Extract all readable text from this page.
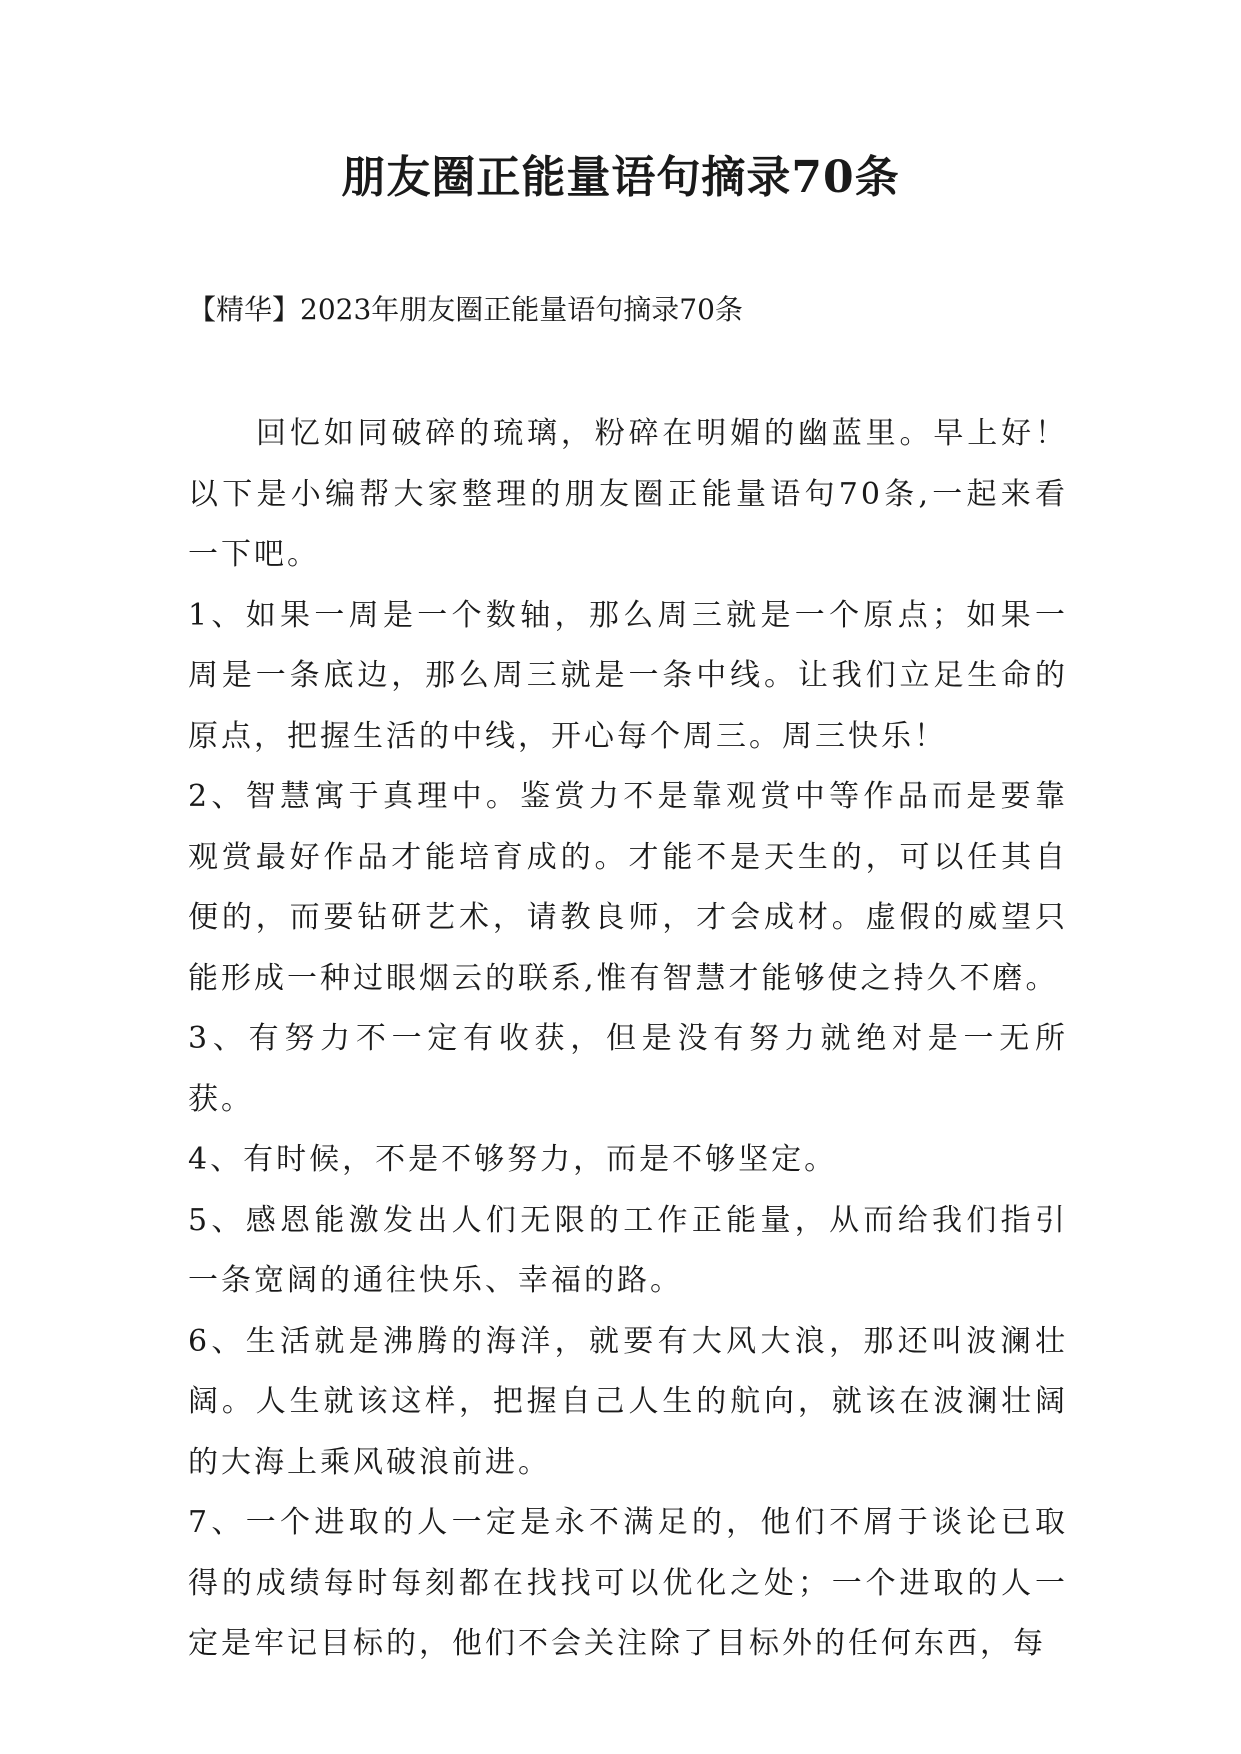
朋友圈正能量语句摘录70条

【精华】2023年朋友圈正能量语句摘录70条

回忆如同破碎的琉璃，粉碎在明媚的幽蓝里。早上好！以下是小编帮大家整理的朋友圈正能量语句70条,一起来看一下吧。

1、如果一周是一个数轴，那么周三就是一个原点；如果一周是一条底边，那么周三就是一条中线。让我们立足生命的原点，把握生活的中线，开心每个周三。周三快乐！

2、智慧寓于真理中。鉴赏力不是靠观赏中等作品而是要靠观赏最好作品才能培育成的。才能不是天生的，可以任其自便的，而要钻研艺术，请教良师，才会成材。虚假的威望只能形成一种过眼烟云的联系,惟有智慧才能够使之持久不磨。

3、有努力不一定有收获，但是没有努力就绝对是一无所获。

4、有时候，不是不够努力，而是不够坚定。

5、感恩能激发出人们无限的工作正能量，从而给我们指引一条宽阔的通往快乐、幸福的路。

6、生活就是沸腾的海洋，就要有大风大浪，那还叫波澜壮阔。人生就该这样，把握自己人生的航向，就该在波澜壮阔的大海上乘风破浪前进。

7、一个进取的人一定是永不满足的，他们不屑于谈论已取得的成绩每时每刻都在找找可以优化之处；一个进取的人一定是牢记目标的，他们不会关注除了目标外的任何东西，每
